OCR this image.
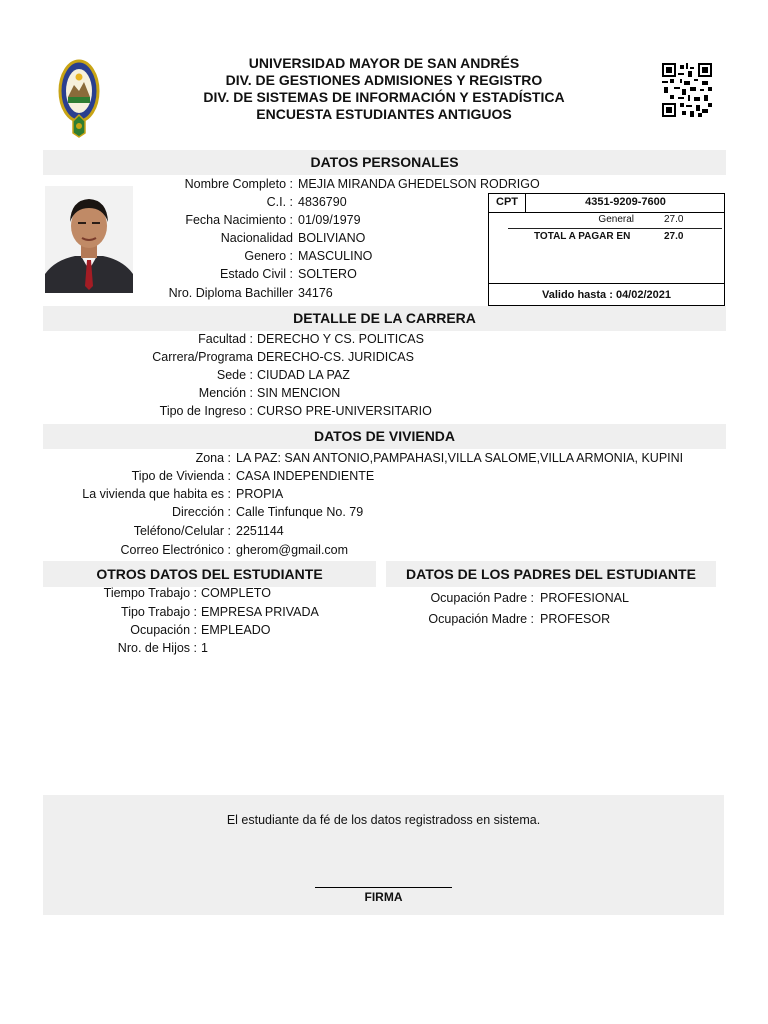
UNIVERSIDAD MAYOR DE SAN ANDRÉS
DIV. DE GESTIONES ADMISIONES Y REGISTRO
DIV. DE SISTEMAS DE INFORMACIÓN Y ESTADÍSTICA
ENCUESTA ESTUDIANTES ANTIGUOS
DATOS PERSONALES
Nombre Completo : MEJIA MIRANDA GHEDELSON RODRIGO
C.I. : 4836790
Fecha Nacimiento : 01/09/1979
Nacionalidad BOLIVIANO
Genero : MASCULINO
Estado Civil : SOLTERO
Nro. Diploma Bachiller 34176
CPT	4351-9209-7600
General	27.0
TOTAL A PAGAR EN	27.0
Valido hasta : 04/02/2021
DETALLE DE LA CARRERA
Facultad : DERECHO Y CS. POLITICAS
Carrera/Programa DERECHO-CS. JURIDICAS
Sede : CIUDAD LA PAZ
Mención : SIN MENCION
Tipo de Ingreso : CURSO PRE-UNIVERSITARIO
DATOS DE VIVIENDA
Zona : LA PAZ: SAN ANTONIO,PAMPAHASI,VILLA SALOME,VILLA ARMONIA, KUPINI
Tipo de Vivienda : CASA INDEPENDIENTE
La vivienda que habita es : PROPIA
Dirección : Calle Tinfunque No. 79
Teléfono/Celular : 2251144
Correo Electrónico : gherom@gmail.com
OTROS DATOS DEL ESTUDIANTE	DATOS DE LOS PADRES DEL ESTUDIANTE
Tiempo Trabajo : COMPLETO
Tipo Trabajo : EMPRESA PRIVADA
Ocupación : EMPLEADO
Nro. de Hijos : 1
Ocupación Padre : PROFESIONAL
Ocupación Madre : PROFESOR
El estudiante da fé de los datos registradoss en sistema.
FIRMA
